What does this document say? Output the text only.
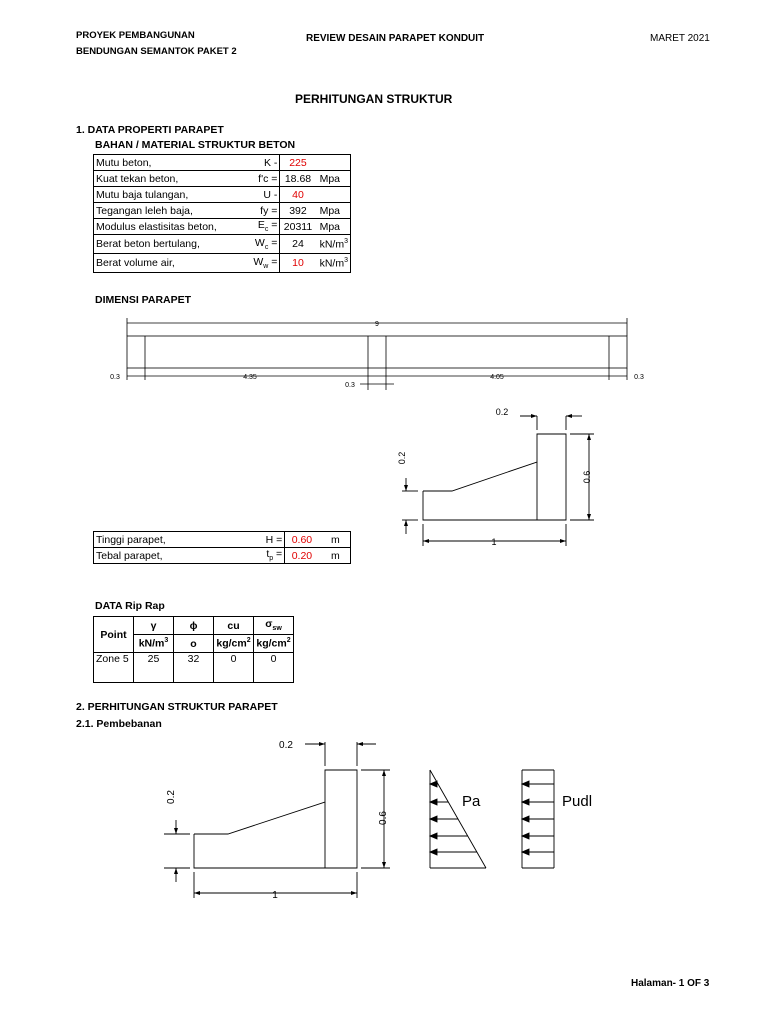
PROYEK PEMBANGUNAN
BENDUNGAN SEMANTOK PAKET 2
REVIEW DESAIN PARAPET KONDUIT	MARET 2021
PERHITUNGAN STRUKTUR
1. DATA PROPERTI PARAPET
BAHAN / MATERIAL STRUKTUR BETON
Mutu beton,	K -	225	
Kuat tekan beton,	f'c =	18.68	Mpa
Mutu baja tulangan,	U -	40	
Tegangan leleh baja,	fy =	392	Mpa
Modulus elastisitas beton,	$E_c$ =	20311	Mpa
Berat beton bertulang,	$W_c$ =	24	$kN/m^3$
Berat volume air,	$W_w$ =	10	$kN/m^3$
DIMENSI PARAPET
9
0.3	4.35
0.3
4.05	0.3
0.2
0.2
0.6
1
Tinggi parapet,	H =	0.60	m
Tebal parapet,	$t_p$ =	0.20	m
DATA Rip Rap
Point	γ	ϕ	cu	$\sigma_{sw}$
	$kN/m^3$	o	$kg/cm^2$	$kg/cm^2$
Zone 5	25	32	0	0
2. PERHITUNGAN STRUKTUR PARAPET
2.1. Pembebanan
0.2
0.2
0.6
1
Pa	Pudl
Halaman- 1 OF 3
